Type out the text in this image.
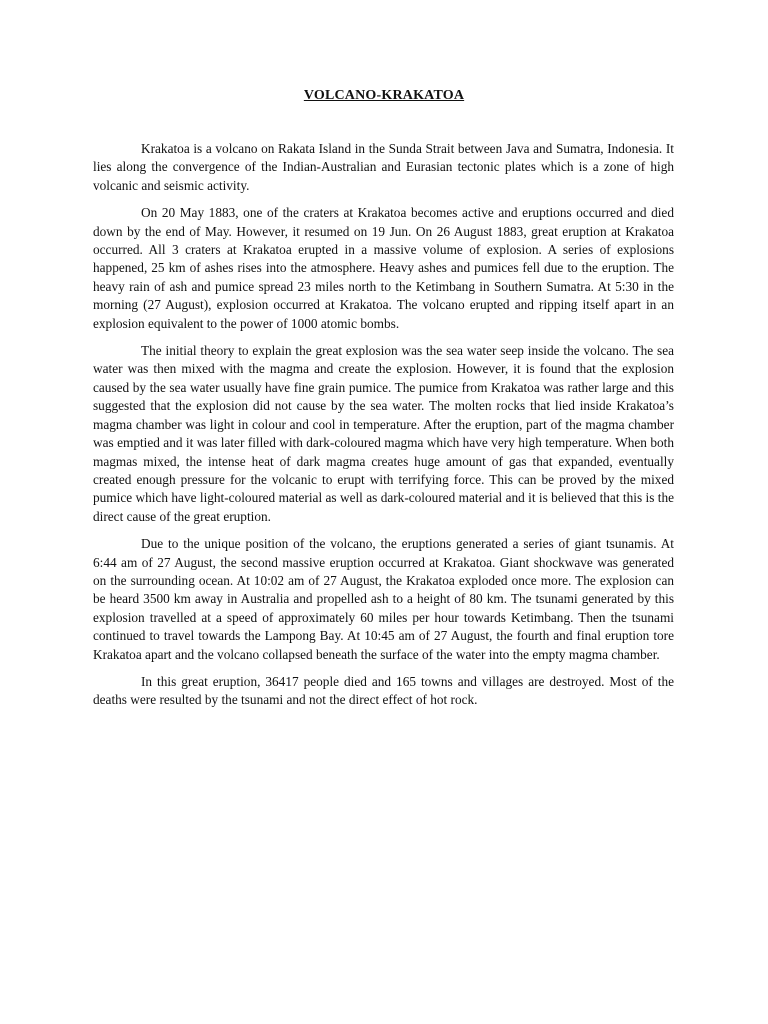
VOLCANO-KRAKATOA

Krakatoa is a volcano on Rakata Island in the Sunda Strait between Java and Sumatra, Indonesia. It lies along the convergence of the Indian-Australian and Eurasian tectonic plates which is a zone of high volcanic and seismic activity.

On 20 May 1883, one of the craters at Krakatoa becomes active and eruptions occurred and died down by the end of May. However, it resumed on 19 Jun. On 26 August 1883, great eruption at Krakatoa occurred. All 3 craters at Krakatoa erupted in a massive volume of explosion. A series of explosions happened, 25 km of ashes rises into the atmosphere. Heavy ashes and pumices fell due to the eruption. The heavy rain of ash and pumice spread 23 miles north to the Ketimbang in Southern Sumatra. At 5:30 in the morning (27 August), explosion occurred at Krakatoa. The volcano erupted and ripping itself apart in an explosion equivalent to the power of 1000 atomic bombs.

The initial theory to explain the great explosion was the sea water seep inside the volcano. The sea water was then mixed with the magma and create the explosion. However, it is found that the explosion caused by the sea water usually have fine grain pumice. The pumice from Krakatoa was rather large and this suggested that the explosion did not cause by the sea water. The molten rocks that lied inside Krakatoa’s magma chamber was light in colour and cool in temperature. After the eruption, part of the magma chamber was emptied and it was later filled with dark-coloured magma which have very high temperature. When both magmas mixed, the intense heat of dark magma creates huge amount of gas that expanded, eventually created enough pressure for the volcanic to erupt with terrifying force. This can be proved by the mixed pumice which have light-coloured material as well as dark-coloured material and it is believed that this is the direct cause of the great eruption.

Due to the unique position of the volcano, the eruptions generated a series of giant tsunamis. At 6:44 am of 27 August, the second massive eruption occurred at Krakatoa. Giant shockwave was generated on the surrounding ocean. At 10:02 am of 27 August, the Krakatoa exploded once more. The explosion can be heard 3500 km away in Australia and propelled ash to a height of 80 km. The tsunami generated by this explosion travelled at a speed of approximately 60 miles per hour towards Ketimbang. Then the tsunami continued to travel towards the Lampong Bay. At 10:45 am of 27 August, the fourth and final eruption tore Krakatoa apart and the volcano collapsed beneath the surface of the water into the empty magma chamber.

In this great eruption, 36417 people died and 165 towns and villages are destroyed. Most of the deaths were resulted by the tsunami and not the direct effect of hot rock.
